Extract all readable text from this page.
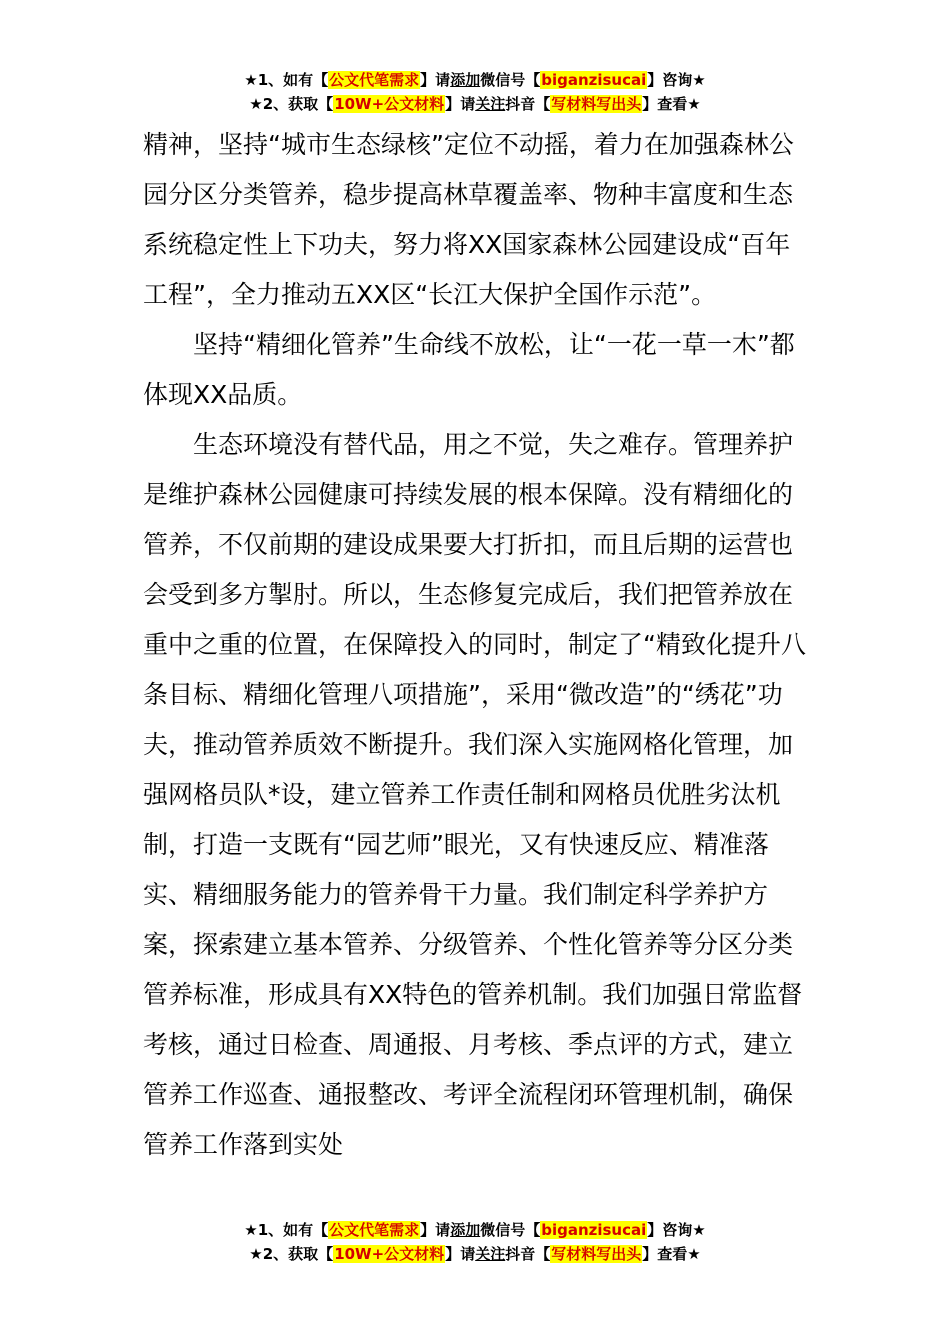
★1、如有【公文代笔需求】请添加微信号【biganzisucai】咨询★
★2、获取【10W+公文材料】请关注抖音【写材料写出头】查看★

精神，坚持“城市生态绿核”定位不动摇，着力在加强森林公园分区分类管养，稳步提高林草覆盖率、物种丰富度和生态系统稳定性上下功夫，努力将XX国家森林公园建设成“百年工程”，全力推动五XX区“长江大保护全国作示范”。

坚持“精细化管养”生命线不放松，让“一花一草一木”都体现XX品质。

生态环境没有替代品，用之不觉，失之难存。管理养护是维护森林公园健康可持续发展的根本保障。没有精细化的管养，不仅前期的建设成果要大打折扣，而且后期的运营也会受到多方掣肘。所以，生态修复完成后，我们把管养放在重中之重的位置，在保障投入的同时，制定了“精致化提升八条目标、精细化管理八项措施”，采用“微改造”的“绣花”功夫，推动管养质效不断提升。我们深入实施网格化管理，加强网格员队*设，建立管养工作责任制和网格员优胜劣汰机制，打造一支既有“园艺师”眼光，又有快速反应、精准落实、精细服务能力的管养骨干力量。我们制定科学养护方案，探索建立基本管养、分级管养、个性化管养等分区分类管养标准，形成具有XX特色的管养机制。我们加强日常监督考核，通过日检查、周通报、月考核、季点评的方式，建立管养工作巡查、通报整改、考评全流程闭环管理机制，确保管养工作落到实处

★1、如有【公文代笔需求】请添加微信号【biganzisucai】咨询★
★2、获取【10W+公文材料】请关注抖音【写材料写出头】查看★
